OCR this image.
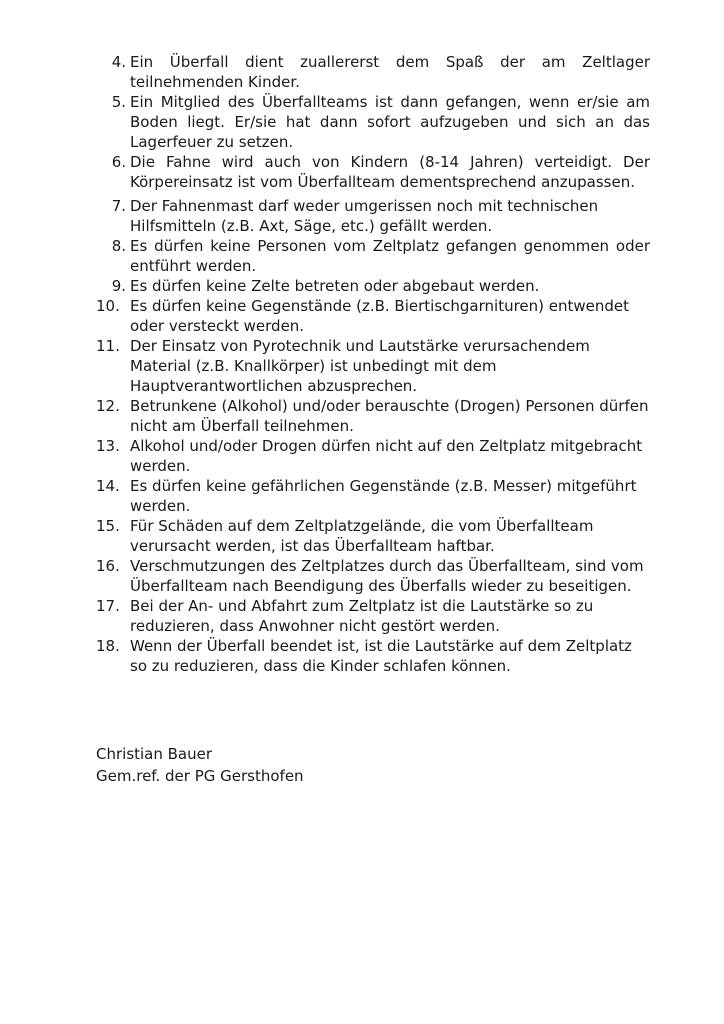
4. Ein Überfall dient zuallererst dem Spaß der am Zeltlager teilnehmenden Kinder.
5. Ein Mitglied des Überfallteams ist dann gefangen, wenn er/sie am Boden liegt. Er/sie hat dann sofort aufzugeben und sich an das Lagerfeuer zu setzen.
6. Die Fahne wird auch von Kindern (8-14 Jahren) verteidigt. Der Körpereinsatz ist vom Überfallteam dementsprechend anzupassen.
7. Der Fahnenmast darf weder umgerissen noch mit technischen Hilfsmitteln (z.B. Axt, Säge, etc.) gefällt werden.
8. Es dürfen keine Personen vom Zeltplatz gefangen genommen oder entführt werden.
9. Es dürfen keine Zelte betreten oder abgebaut werden.
10. Es dürfen keine Gegenstände (z.B. Biertischgarnituren) entwendet oder versteckt werden.
11. Der Einsatz von Pyrotechnik und Lautstärke verursachendem Material (z.B. Knallkörper) ist unbedingt mit dem Hauptverantwortlichen abzusprechen.
12. Betrunkene (Alkohol) und/oder berauschte (Drogen) Personen dürfen nicht am Überfall teilnehmen.
13. Alkohol und/oder Drogen dürfen nicht auf den Zeltplatz mitgebracht werden.
14. Es dürfen keine gefährlichen Gegenstände (z.B. Messer) mitgeführt werden.
15. Für Schäden auf dem Zeltplatzgelände, die vom Überfallteam verursacht werden, ist das Überfallteam haftbar.
16. Verschmutzungen des Zeltplatzes durch das Überfallteam, sind vom Überfallteam nach Beendigung des Überfalls wieder zu beseitigen.
17. Bei der An- und Abfahrt zum Zeltplatz ist die Lautstärke so zu reduzieren, dass Anwohner nicht gestört werden.
18. Wenn der Überfall beendet ist, ist die Lautstärke auf dem Zeltplatz so zu reduzieren, dass die Kinder schlafen können.
Christian Bauer
Gem.ref. der PG Gersthofen
